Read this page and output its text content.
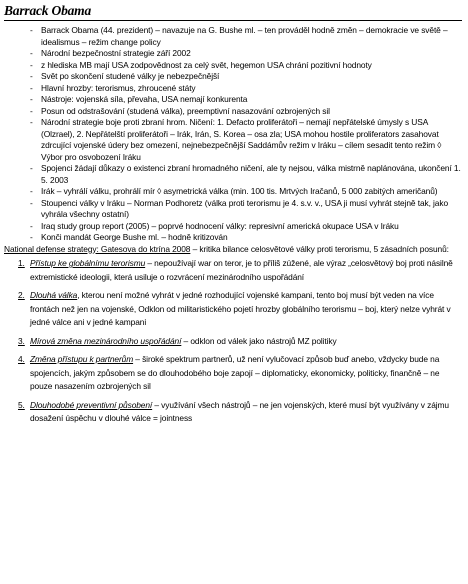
Barrack Obama
- Barrack Obama (44. prezident) – navazuje na G. Bushe ml. – ten prováděl hodně změn – demokracie ve světě – idealismus – režim change policy
- Národní bezpečnostní strategie září 2002
- z hlediska MB mají USA zodpovědnost za celý svět, hegemon USA chrání pozitivní hodnoty
- Svět po skončení studené války je nebezpečnější
- Hlavní hrozby: terorismus, zhroucené státy
- Nástroje: vojenská síla, převaha, USA nemají konkurenta
- Posun od odstrašování (studená válka), preemptivní nasazování ozbrojených sil
- Národní strategie boje proti zbraní hrom. Ničení: 1. Defacto proliferátoři – nemají nepřátelské úmysly s USA (Olzrael), 2. Nepřátelští proliferátoři – Irák, Irán, S. Korea – osa zla; USA mohou hostile proliferators zasahovat zdrcující vojenské údery bez omezení, nejnebezpečnější Saddámův režim v Iráku – cílem sesadit tento režim ◊ Výbor pro osvobození Iráku
- Spojenci žádají důkazy o existenci zbraní hromadného ničení, ale ty nejsou, válka mistrně naplánována, ukončení 1. 5. 2003
- Irák – vyhrálí válku, prohrálí mír ◊ asymetrická válka (min. 100 tis. Mrtvých Iračanů, 5 000 zabitých američanů)
- Stoupenci války v Iráku – Norman Podhoretz (válka proti terorismu je 4. s.v. v., USA ji musí vyhrát stejně tak, jako vyhrála všechny ostatní)
- Iraq study group report (2005) – poprvé hodnocení války: represivní americká okupace USA v Iráku
- Konči mandát George Bushe ml. – hodně kritizován
National defense strategy: Gatesova do ktrína 2008 – kritika bilance celosvětové války proti terorismu, 5 zásadních posunů:
1. Přístup ke globálnímu terorismu – nepoužívají war on teror, je to příliš zúžené, ale výraz „celosvětový boj proti násilně extremistické ideologii, která usiluje o rozvrácení mezinárodního uspořádání
2. Dlouhá válka, kterou není možné vyhrát v jedné rozhodující vojenské kampani, tento boj musí být veden na více frontách než jen na vojenské, Odklon od militaristického pojetí hrozby globálního terorismu – boj, který nelze vyhrát v jedné válce ani v jedné kampani
3. Mírová změna mezinárodního uspořádání – odklon od válek jako nástrojů MZ politiky
4. Změna přístupu k partnerům – široké spektrum partnerů, už není vylučovací způsob buď anebo, vždycky bude na spojencích, jakým způsobem se do dlouhodobého boje zapojí – diplomaticky, ekonomicky, politicky, finančně – ne pouze nasazením ozbrojených sil
5. Dlouhodobé preventivní působení – využívání všech nástrojů – ne jen vojenských, které musí být využívány v zájmu dosažení úspěchu v dlouhé válce = jointness
